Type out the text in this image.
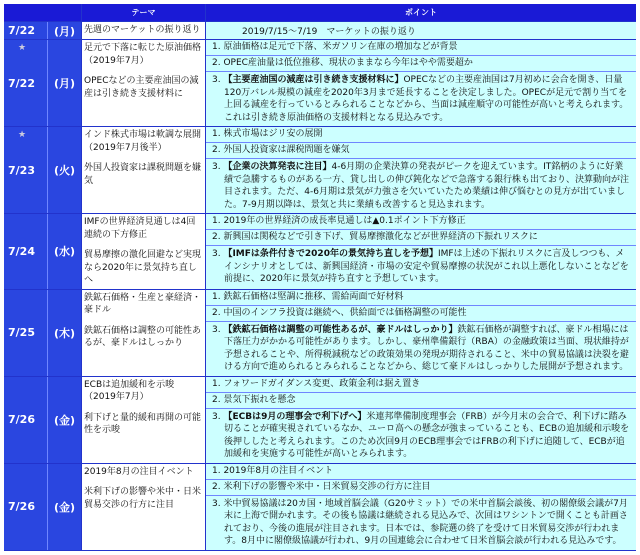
テーマ	ポイント
7/22 (月) 先週のマーケットの振り返り	2019/7/15～7/19　マーケットの振り返り
★
7/22 (月)
足元で下落に転じた原油価格（2019年7月）
OPECなどの主要産油国の減産は引き続き支援材料に
1. 原油価格は足元で下落、米ガソリン在庫の増加などが背景
2. OPEC産油量は低位推移、現状のままなら今年はやや需要超か
3. 【主要産油国の減産は引き続き支援材料に】OPECなどの主要産油国は7月初めに会合を開き、日量120万バレル規模の減産を2020年3月まで延長することを決定しました。OPECが足元で割り当てを上回る減産を行っているとみられることなどから、当面は減産順守の可能性が高いと考えられます。これは引き続き原油価格の支援材料となる見込みです。
★
7/23 (火)
インド株式市場は軟調な展開（2019年7月後半）
外国人投資家は課税問題を嫌気
1. 株式市場はジリ安の展開
2. 外国人投資家は課税問題を嫌気
3. 【企業の決算発表に注目】4-6月期の企業決算の発表がピークを迎えています。IT銘柄のように好業績で急騰するものがある一方、貸し出しの伸び鈍化などで急落する銀行株も出ており、決算動向が注目されます。ただ、4-6月期は景気が力強さを欠いていたため業績は伸び悩むとの見方が出ていました。7-9月期以降は、景気と共に業績も改善すると見込まれます。
7/24 (水)
IMFの世界経済見通しは4回連続の下方修正
貿易摩擦の激化回避など実現なら2020年に景気持ち直しへ
1. 2019年の世界経済の成長率見通しは▲0.1ポイント下方修正
2. 新興国は関税などで引き下げ、貿易摩擦激化などが世界経済の下振れリスクに
3. 【IMFは条件付きで2020年の景気持ち直しを予想】IMFは上述の下振れリスクに言及しつつも、メインシナリオとしては、新興国経済・市場の安定や貿易摩擦の状況がこれ以上悪化しないことなどを前提に、2020年に景気が持ち直すと予想しています。
7/25 (木)
鉄鉱石価格・生産と豪経済・豪ドル
鉄鉱石価格は調整の可能性あるが、豪ドルはしっかり
1. 鉄鉱石価格は堅調に推移、需給両面で好材料
2. 中国のインフラ投資は継続へ、供給面では価格調整の可能性
3. 【鉄鉱石価格は調整の可能性あるが、豪ドルはしっかり】鉄鉱石価格が調整すれば、豪ドル相場には下落圧力がかかる可能性があります。しかし、豪州準備銀行（RBA）の金融政策は当面、現状維持が予想されることや、所得税減税などの政策効果の発現が期待されること、米中の貿易協議は決裂を避ける方向で進められるとみられることなどから、総じて豪ドルはしっかりした展開が予想されます。
7/26 (金)
ECBは追加緩和を示唆（2019年7月）
利下げと量的緩和再開の可能性を示唆
1. フォワードガイダンス変更、政策金利は据え置き
2. 景気下振れを懸念
3. 【ECBは9月の理事会で利下げへ】米連邦準備制度理事会（FRB）が今月末の会合で、利下げに踏み切ることが確実視されているなか、ユーロ高への懸念が強まっていることも、ECBの追加緩和示唆を後押ししたと考えられます。このため次回9月のECB理事会ではFRBの利下げに追随して、ECBが追加緩和を実施する可能性が高いとみられます。
7/26 (金)
2019年8月の注目イベント
米利下げの影響や米中・日米貿易交渉の行方に注目
1. 2019年8月の注目イベント
2. 米利下げの影響や米中・日米貿易交渉の行方に注目
3. 米中貿易協議は20カ国・地域首脳会議（G20サミット）での米中首脳会談後、初の閣僚級会議が7月末に上海で開かれます。その後も協議は継続される見込みで、次回はワシントンで開くことも計画されており、今後の進展が注目されます。日本では、参院選の終了を受けて日米貿易交渉が行われます。8月中に閣僚級協議が行われ、9月の国連総会に合わせて日米首脳会談が行われる見込みです。
